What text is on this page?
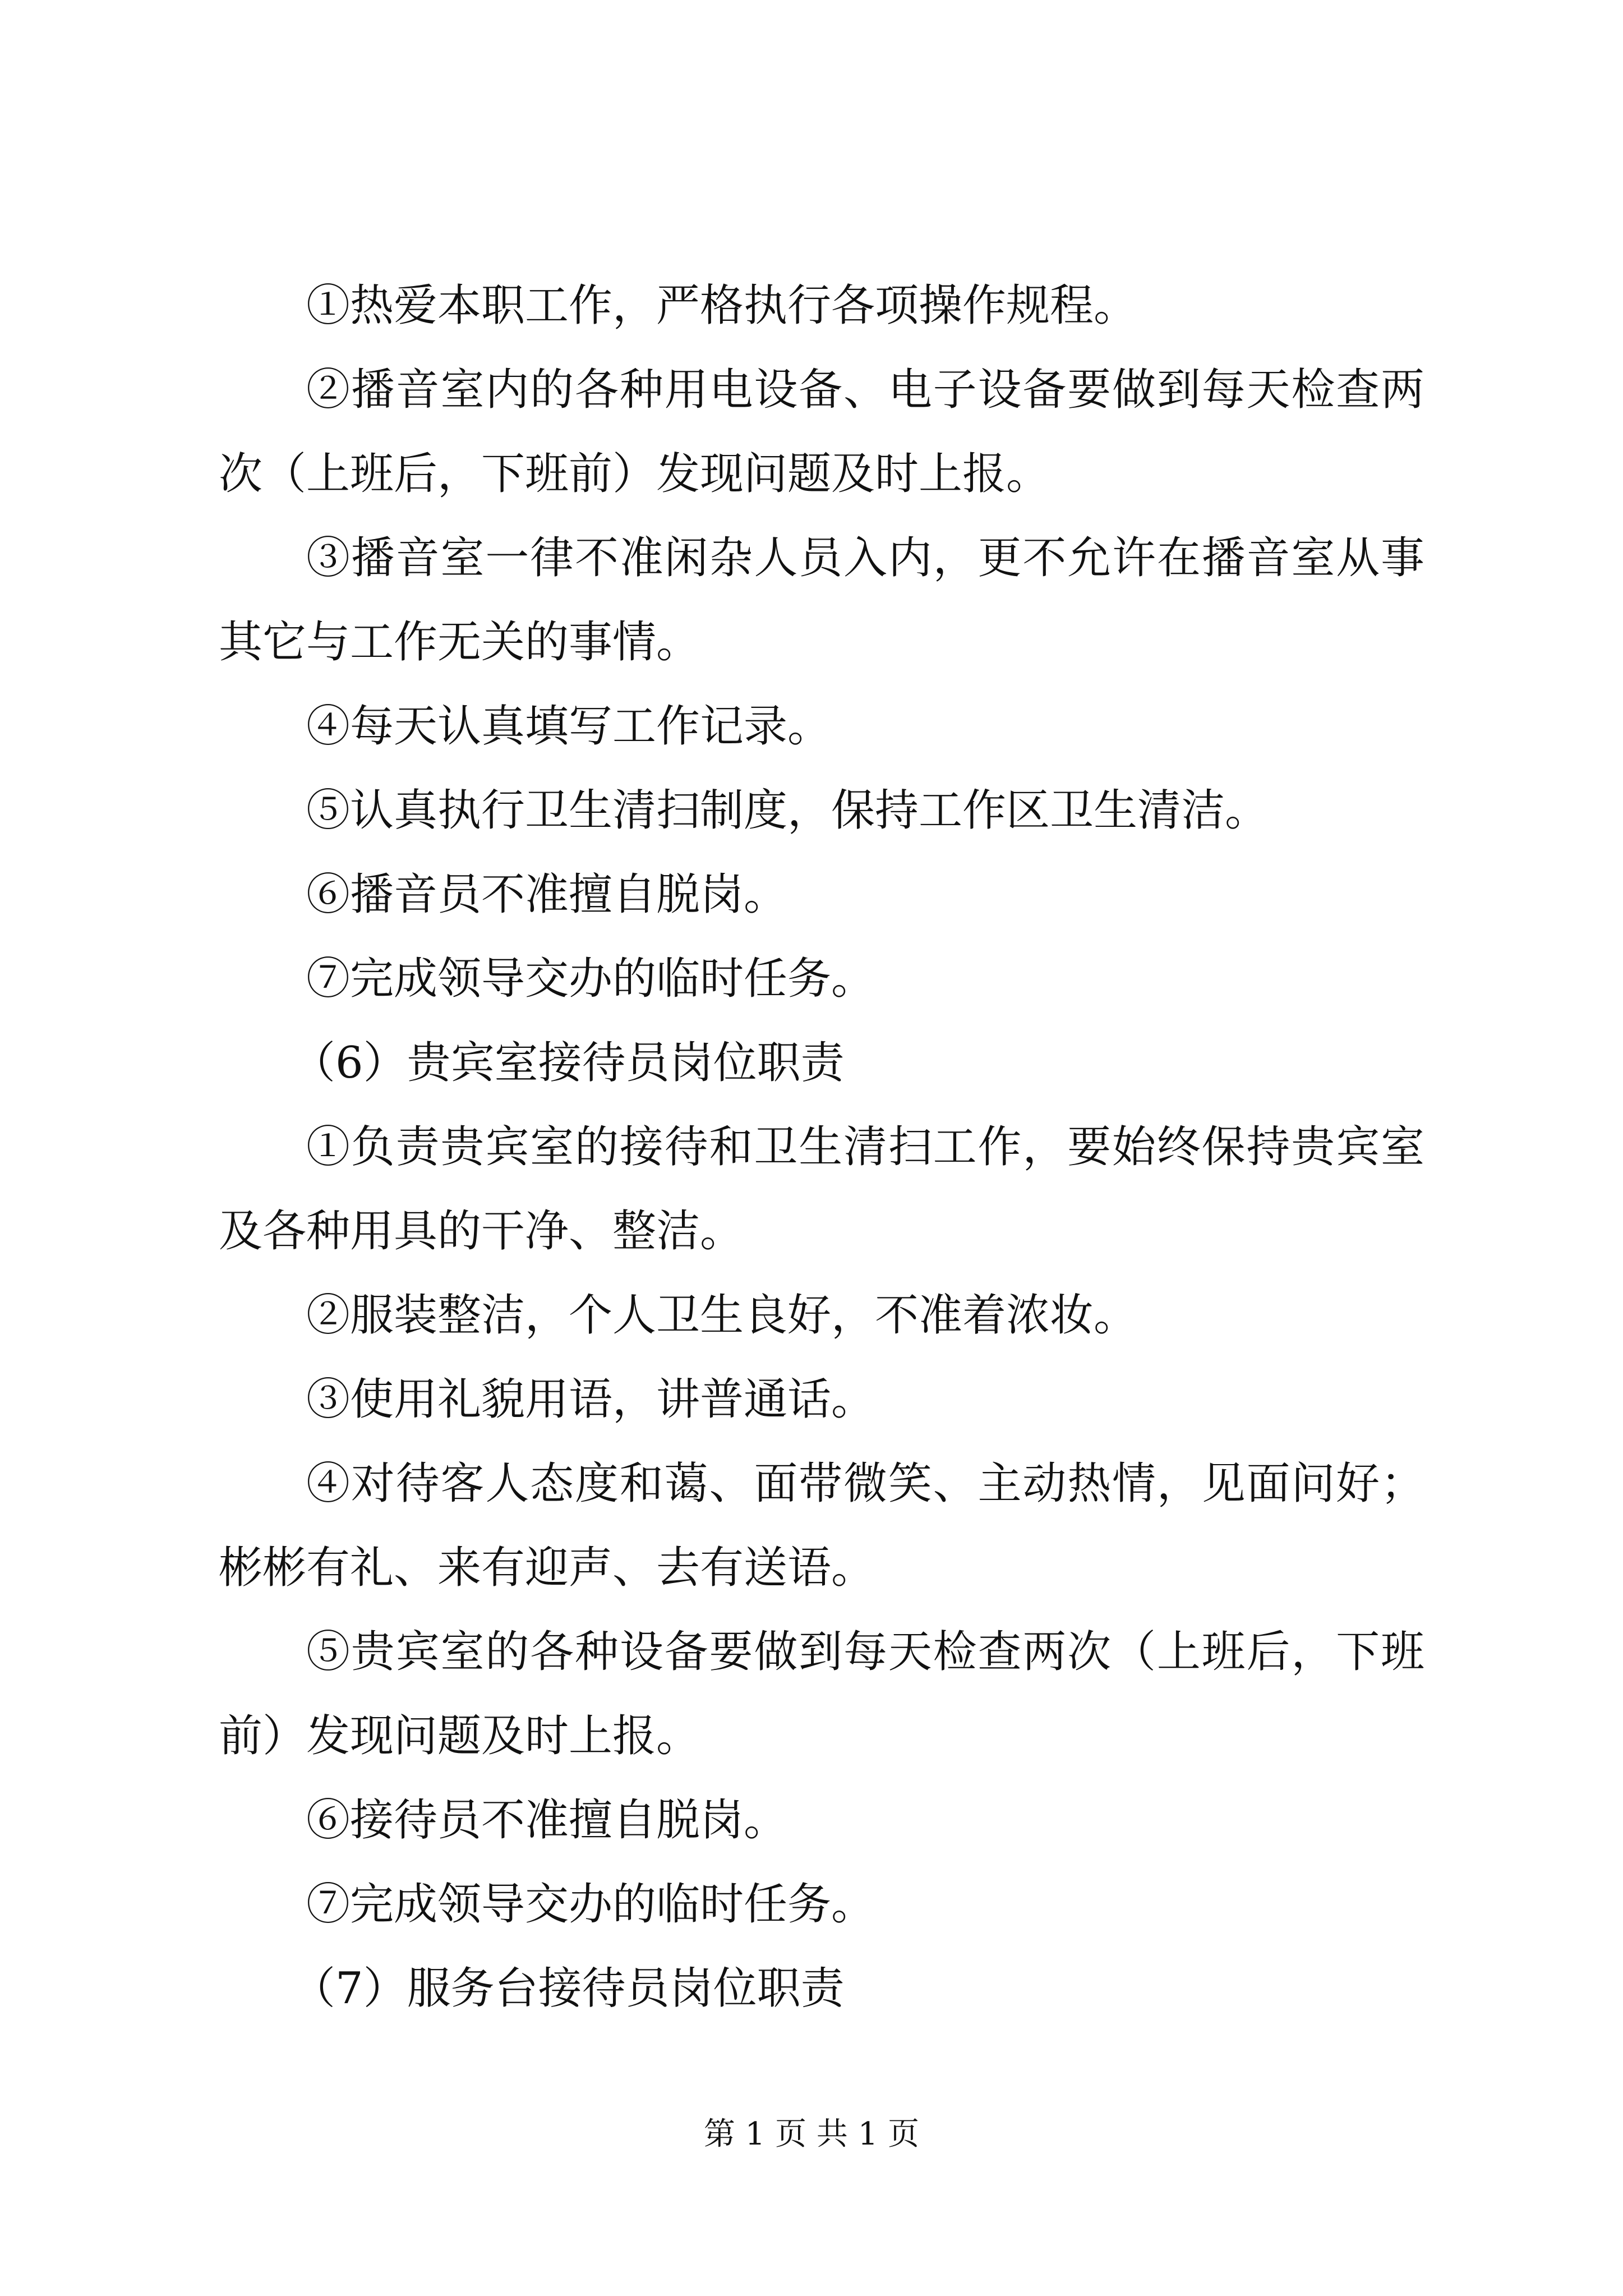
①热爱本职工作，严格执行各项操作规程。

②播音室内的各种用电设备、电子设备要做到每天检查两次（上班后，下班前）发现问题及时上报。

③播音室一律不准闲杂人员入内，更不允许在播音室从事其它与工作无关的事情。

④每天认真填写工作记录。

⑤认真执行卫生清扫制度，保持工作区卫生清洁。

⑥播音员不准擅自脱岗。

⑦完成领导交办的临时任务。

（6）贵宾室接待员岗位职责

①负责贵宾室的接待和卫生清扫工作，要始终保持贵宾室及各种用具的干净、整洁。

②服装整洁，个人卫生良好，不准着浓妆。

③使用礼貌用语，讲普通话。

④对待客人态度和蔼、面带微笑、主动热情，见面问好；彬彬有礼、来有迎声、去有送语。

⑤贵宾室的各种设备要做到每天检查两次（上班后，下班前）发现问题及时上报。

⑥接待员不准擅自脱岗。

⑦完成领导交办的临时任务。

（7）服务台接待员岗位职责

第 1 页 共 1 页
